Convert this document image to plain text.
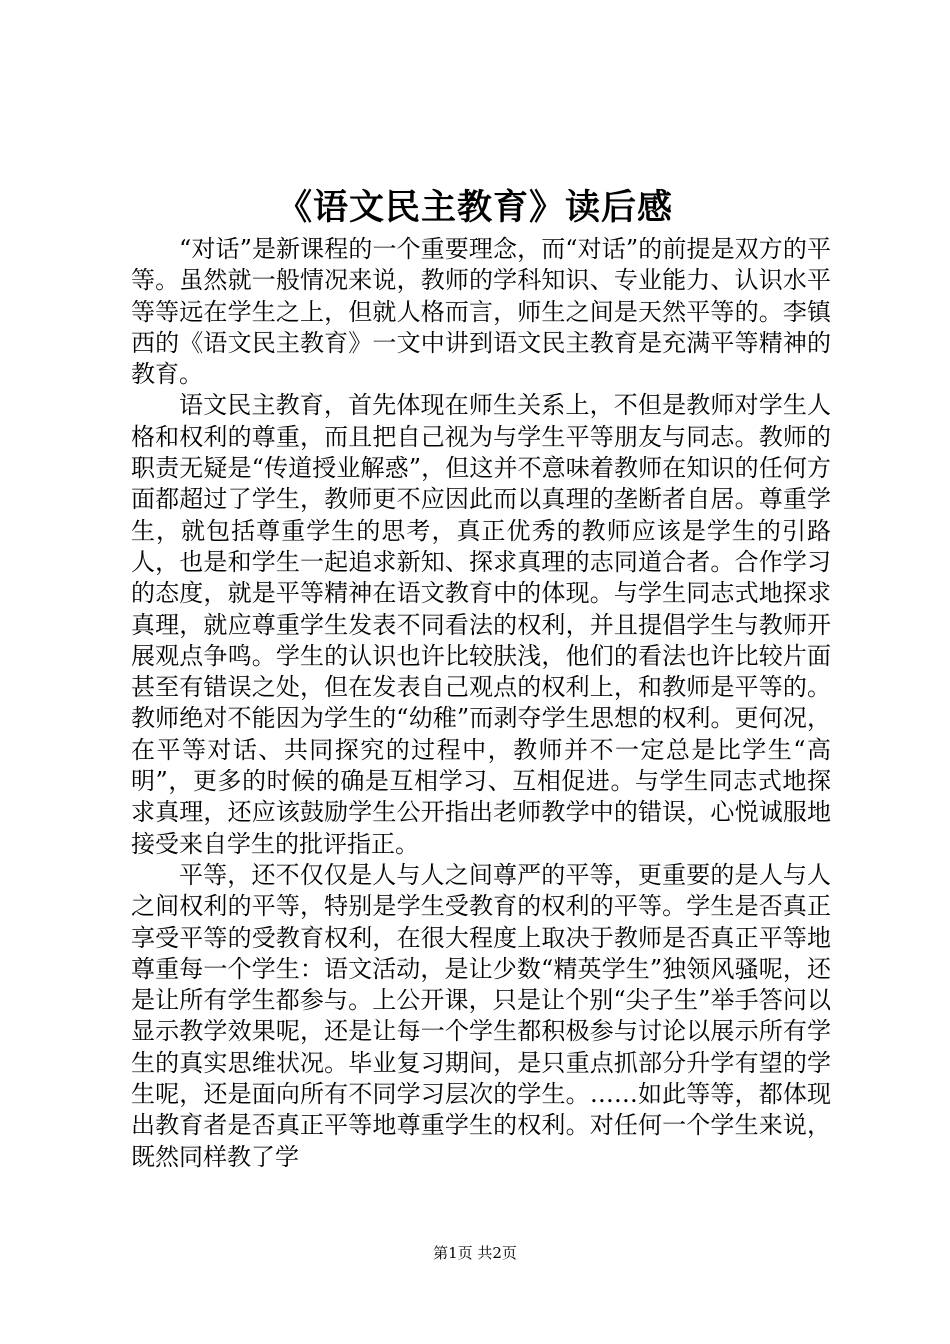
《语文民主教育》读后感

“对话”是新课程的一个重要理念，而“对话”的前提是双方的平等。虽然就一般情况来说，教师的学科知识、专业能力、认识水平等等远在学生之上，但就人格而言，师生之间是天然平等的。李镇西的《语文民主教育》一文中讲到语文民主教育是充满平等精神的教育。

语文民主教育，首先体现在师生关系上，不但是教师对学生人格和权利的尊重，而且把自己视为与学生平等朋友与同志。教师的职责无疑是“传道授业解惑”，但这并不意味着教师在知识的任何方面都超过了学生，教师更不应因此而以真理的垄断者自居。尊重学生，就包括尊重学生的思考，真正优秀的教师应该是学生的引路人，也是和学生一起追求新知、探求真理的志同道合者。合作学习的态度，就是平等精神在语文教育中的体现。与学生同志式地探求真理，就应尊重学生发表不同看法的权利，并且提倡学生与教师开展观点争鸣。学生的认识也许比较肤浅，他们的看法也许比较片面甚至有错误之处，但在发表自己观点的权利上，和教师是平等的。教师绝对不能因为学生的“幼稚”而剥夺学生思想的权利。更何况，在平等对话、共同探究的过程中，教师并不一定总是比学生“高明”，更多的时候的确是互相学习、互相促进。与学生同志式地探求真理，还应该鼓励学生公开指出老师教学中的错误，心悦诚服地接受来自学生的批评指正。

平等，还不仅仅是人与人之间尊严的平等，更重要的是人与人之间权利的平等，特别是学生受教育的权利的平等。学生是否真正享受平等的受教育权利，在很大程度上取决于教师是否真正平等地尊重每一个学生：语文活动，是让少数“精英学生”独领风骚呢，还是让所有学生都参与。上公开课，只是让个别“尖子生”举手答问以显示教学效果呢，还是让每一个学生都积极参与讨论以展示所有学生的真实思维状况。毕业复习期间，是只重点抓部分升学有望的学生呢，还是面向所有不同学习层次的学生。……如此等等，都体现出教育者是否真正平等地尊重学生的权利。对任何一个学生来说，既然同样教了学

第1页 共2页
